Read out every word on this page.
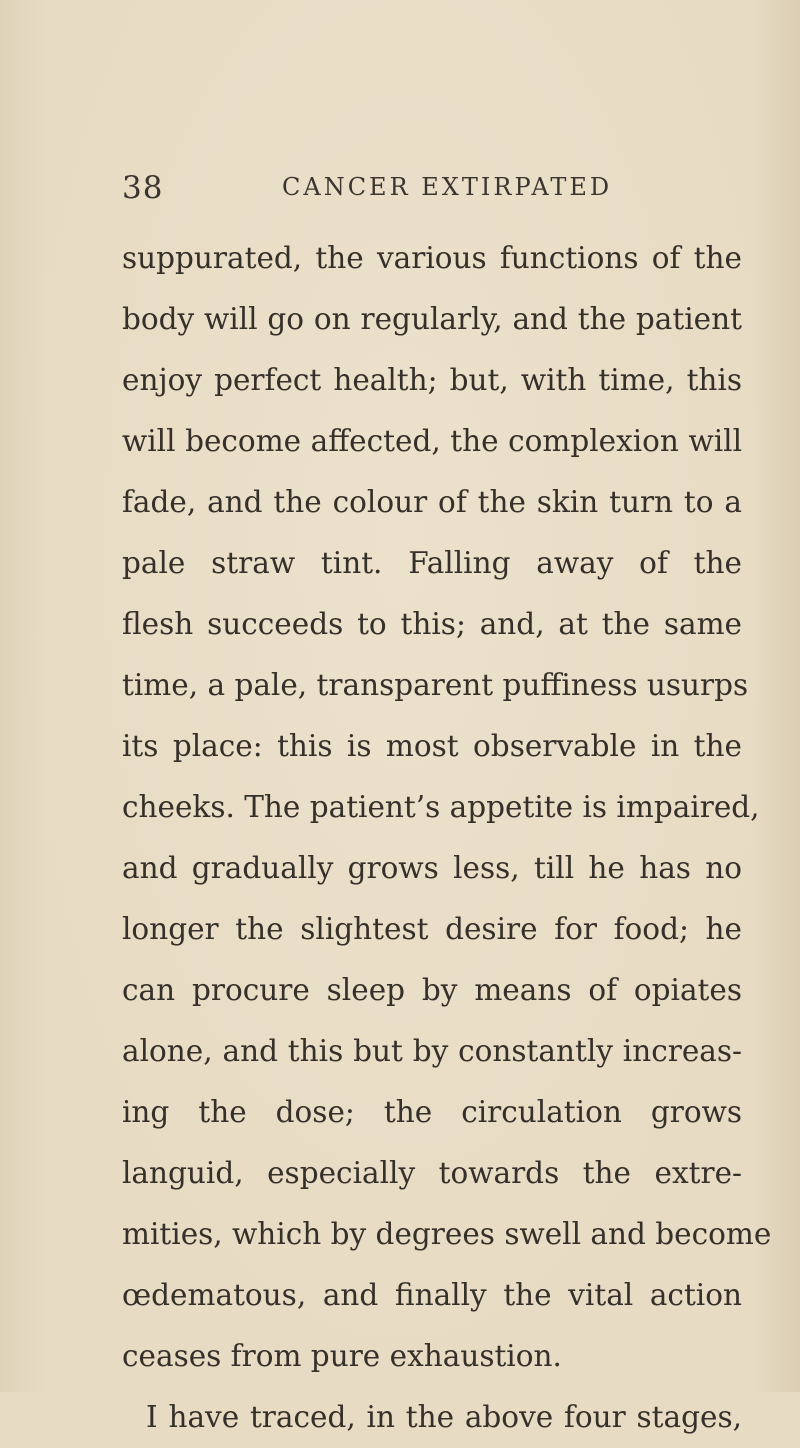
38	CANCER EXTIRPATED
suppurated, the various functions of the
body will go on regularly, and the patient
enjoy perfect health; but, with time, this
will become affected, the complexion will
fade, and the colour of the skin turn to a
pale straw tint. Falling away of the
flesh succeeds to this; and, at the same
time, a pale, transparent puffiness usurps
its place: this is most observable in the
cheeks. The patient’s appetite is impaired,
and gradually grows less, till he has no
longer the slightest desire for food; he
can procure sleep by means of opiates
alone, and this but by constantly increas-
ing the dose; the circulation grows
languid, especially towards the extre-
mities, which by degrees swell and become
œdematous, and finally the vital action
ceases from pure exhaustion.
I have traced, in the above four stages,
